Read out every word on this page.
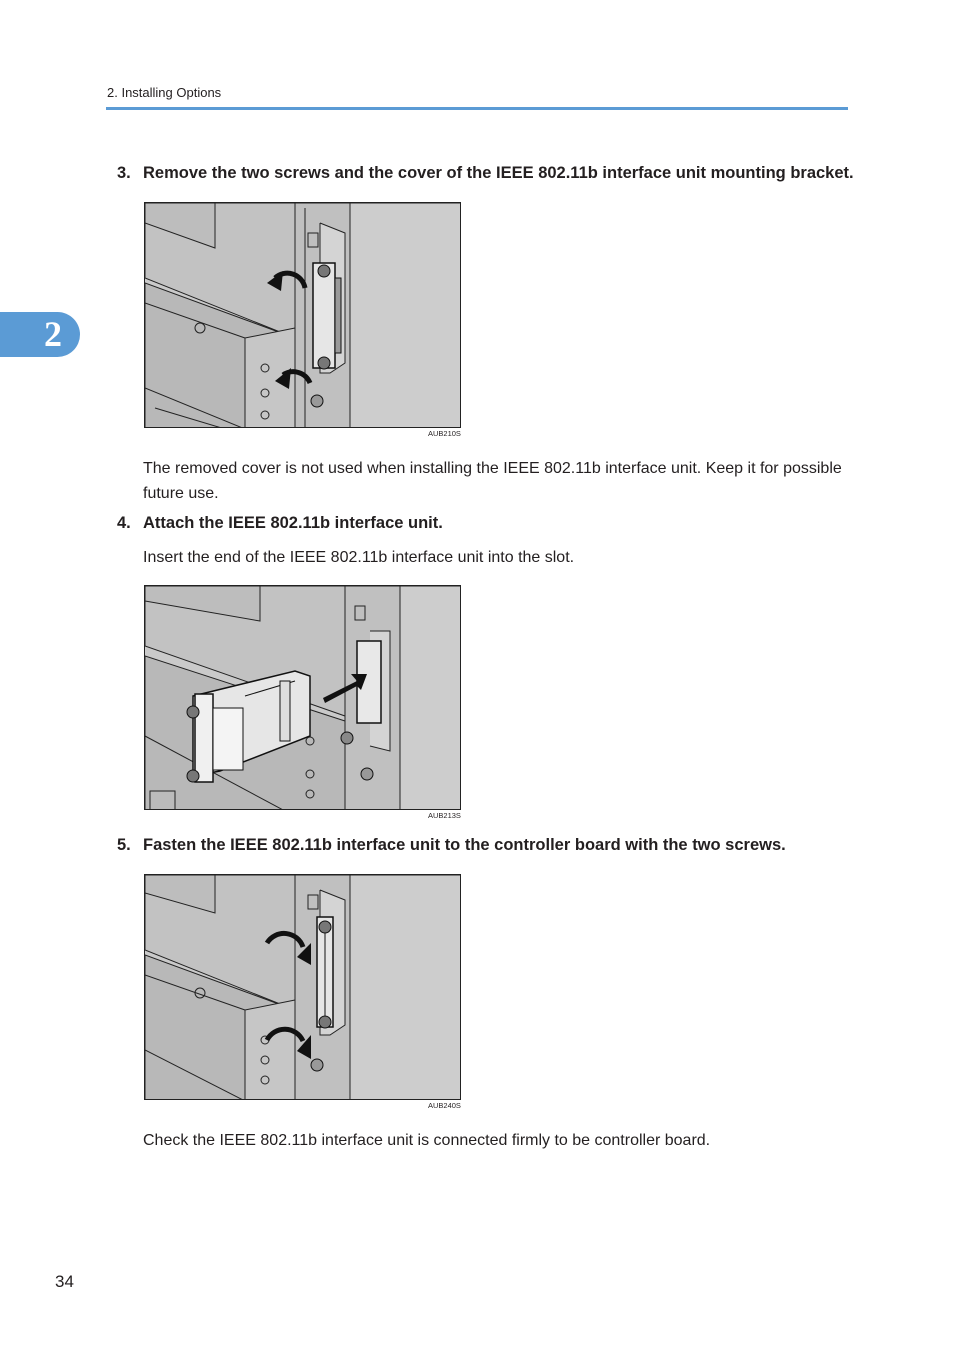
2. Installing Options
2
3. Remove the two screws and the cover of the IEEE 802.11b interface unit mounting bracket.
AUB210S
The removed cover is not used when installing the IEEE 802.11b interface unit. Keep it for possible future use.
4. Attach the IEEE 802.11b interface unit.
Insert the end of the IEEE 802.11b interface unit into the slot.
AUB213S
5. Fasten the IEEE 802.11b interface unit to the controller board with the two screws.
AUB240S
Check the IEEE 802.11b interface unit is connected firmly to be controller board.
34
